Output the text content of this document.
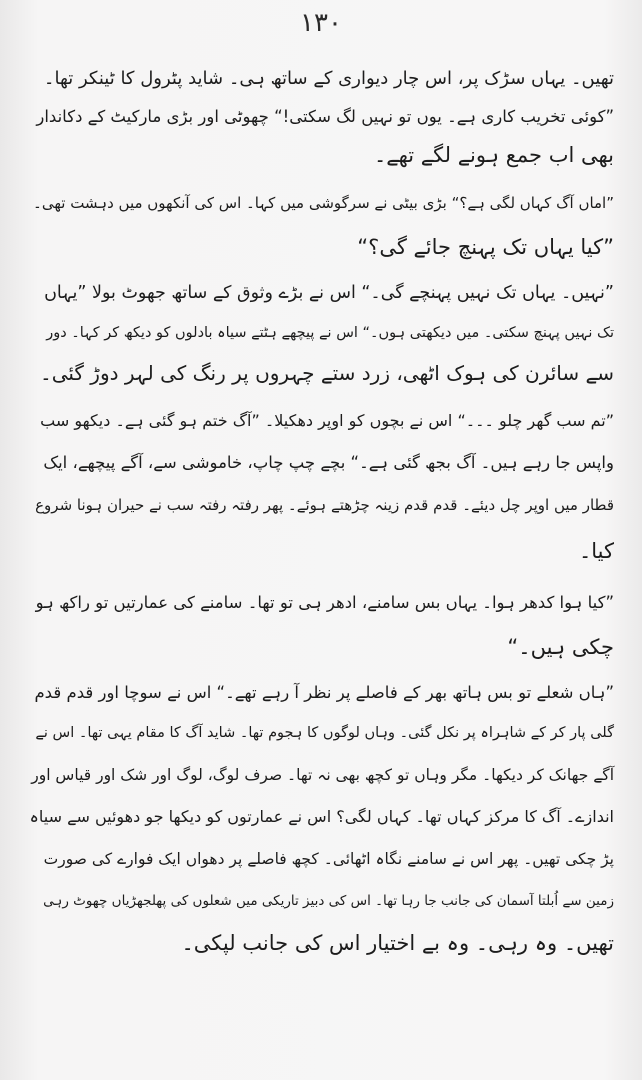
۱۳۰
تھیں۔ یہاں سڑک پر، اس چار دیواری کے ساتھ ہی۔ شاید پٹرول کا ٹینکر تھا۔
”کوئی تخریب کاری ہے۔ یوں تو نہیں لگ سکتی!“ چھوٹی اور بڑی مارکیٹ کے دکاندار
بھی اب جمع ہونے لگے تھے۔
”اماں آگ کہاں لگی ہے؟“ بڑی بیٹی نے سرگوشی میں کہا۔ اس کی آنکھوں میں دہشت تھی۔
”کیا یہاں تک پہنچ جائے گی؟“
”نہیں۔ یہاں تک نہیں پہنچے گی۔“ اس نے بڑے وثوق کے ساتھ جھوٹ بولا ”یہاں
تک نہیں پہنچ سکتی۔ میں دیکھتی ہوں۔“ اس نے پیچھے ہٹتے سیاہ بادلوں کو دیکھ کر کہا۔ دور
سے سائرن کی ہوک اٹھی، زرد ستے چہروں پر رنگ کی لہر دوڑ گئی۔
”تم سب گھر چلو ۔۔۔“ اس نے بچوں کو اوپر دھکیلا۔ ”آگ ختم ہو گئی ہے۔ دیکھو سب
واپس جا رہے ہیں۔ آگ بجھ گئی ہے۔“ بچے چپ چاپ، خاموشی سے، آگے پیچھے، ایک
قطار میں اوپر چل دیئے۔ قدم قدم زینہ چڑھتے ہوئے۔ پھر رفتہ رفتہ سب نے حیران ہونا شروع
کیا۔
”کیا ہوا کدھر ہوا۔ یہاں بس سامنے، ادھر ہی تو تھا۔ سامنے کی عمارتیں تو راکھ ہو
چکی ہیں۔“
”ہاں شعلے تو بس ہاتھ بھر کے فاصلے پر نظر آ رہے تھے۔“ اس نے سوچا اور قدم قدم
گلی پار کر کے شاہراہ پر نکل گئی۔ وہاں لوگوں کا ہجوم تھا۔ شاید آگ کا مقام یہی تھا۔ اس نے
آگے جھانک کر دیکھا۔ مگر وہاں تو کچھ بھی نہ تھا۔ صرف لوگ، لوگ اور شک اور قیاس اور
اندازے۔ آگ کا مرکز کہاں تھا۔ کہاں لگی؟ اس نے عمارتوں کو دیکھا جو دھوئیں سے سیاہ
پڑ چکی تھیں۔ پھر اس نے سامنے نگاہ اٹھائی۔ کچھ فاصلے پر دھواں ایک فوارے کی صورت
زمین سے اُبلتا آسمان کی جانب جا رہا تھا۔ اس کی دبیز تاریکی میں شعلوں کی پھلجھڑیاں چھوٹ رہی
تھیں۔ وہ رہی۔ وہ بے اختیار اس کی جانب لپکی۔
